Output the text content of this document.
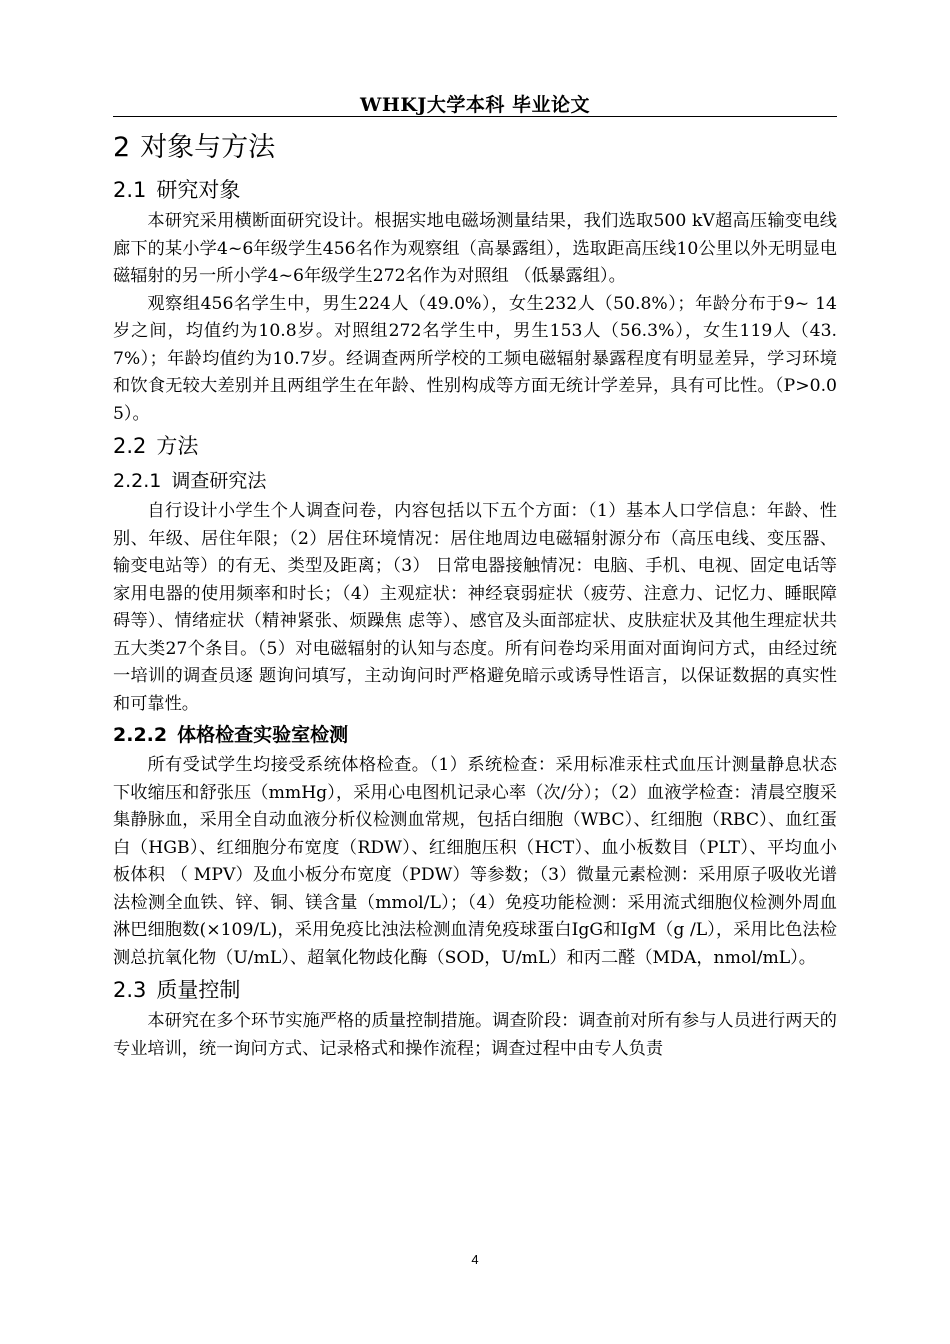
WHKJ大学本科 毕业论文
2 对象与方法
2.1 研究对象

本研究采用横断面研究设计。根据实地电磁场测量结果，我们选取500 kV超高压输变电线廊下的某小学4~6年级学生456名作为观察组（高暴露组），选取距高压线10公里以外无明显电磁辐射的另一所小学4~6年级学生272名作为对照组 （低暴露组）。

观察组456名学生中，男生224人（49.0%），女生232人（50.8%）；年龄分布于9~ 14岁之间，均值约为10.8岁。对照组272名学生中，男生153人（56.3%），女生119人（43.7%）；年龄均值约为10.7岁。经调查两所学校的工频电磁辐射暴露程度有明显差异，学习环境和饮食无较大差别并且两组学生在年龄、性别构成等方面无统计学差异，具有可比性。（P>0.05）。

2.2 方法
2.2.1 调查研究法

自行设计小学生个人调查问卷，内容包括以下五个方面：（1）基本人口学信息：年龄、性别、年级、居住年限；（2）居住环境情况：居住地周边电磁辐射源分布（高压电线、变压器、输变电站等）的有无、类型及距离；（3） 日常电器接触情况：电脑、手机、电视、固定电话等家用电器的使用频率和时长；（4）主观症状：神经衰弱症状（疲劳、注意力、记忆力、睡眠障碍等）、情绪症状（精神紧张、烦躁焦 虑等）、感官及头面部症状、皮肤症状及其他生理症状共五大类27个条目。（5）对电磁辐射的认知与态度。所有问卷均采用面对面询问方式，由经过统一培训的调查员逐 题询问填写，主动询问时严格避免暗示或诱导性语言，以保证数据的真实性和可靠性。

2.2.2 体格检查实验室检测

所有受试学生均接受系统体格检查。（1）系统检查：采用标准汞柱式血压计测量静息状态下收缩压和舒张压（mmHg），采用心电图机记录心率（次/分）；（2）血液学检查：清晨空腹采集静脉血，采用全自动血液分析仪检测血常规，包括白细胞（WBC）、红细胞（RBC）、血红蛋白（HGB）、红细胞分布宽度（RDW）、红细胞压积（HCT）、血小板数目（PLT）、平均血小板体积 （ MPV）及血小板分布宽度（PDW）等参数；（3）微量元素检测：采用原子吸收光谱法检测全血铁、锌、铜、镁含量（mmol/L）；（4）免疫功能检测：采用流式细胞仪检测外周血淋巴细胞数(×109/L)，采用免疫比浊法检测血清免疫球蛋白IgG和IgM（g /L），采用比色法检测总抗氧化物（U/mL）、超氧化物歧化酶（SOD，U/mL）和丙二醛（MDA，nmol/mL）。

2.3 质量控制

本研究在多个环节实施严格的质量控制措施。调查阶段：调查前对所有参与人员进行两天的专业培训，统一询问方式、记录格式和操作流程；调查过程中由专人负责

4
